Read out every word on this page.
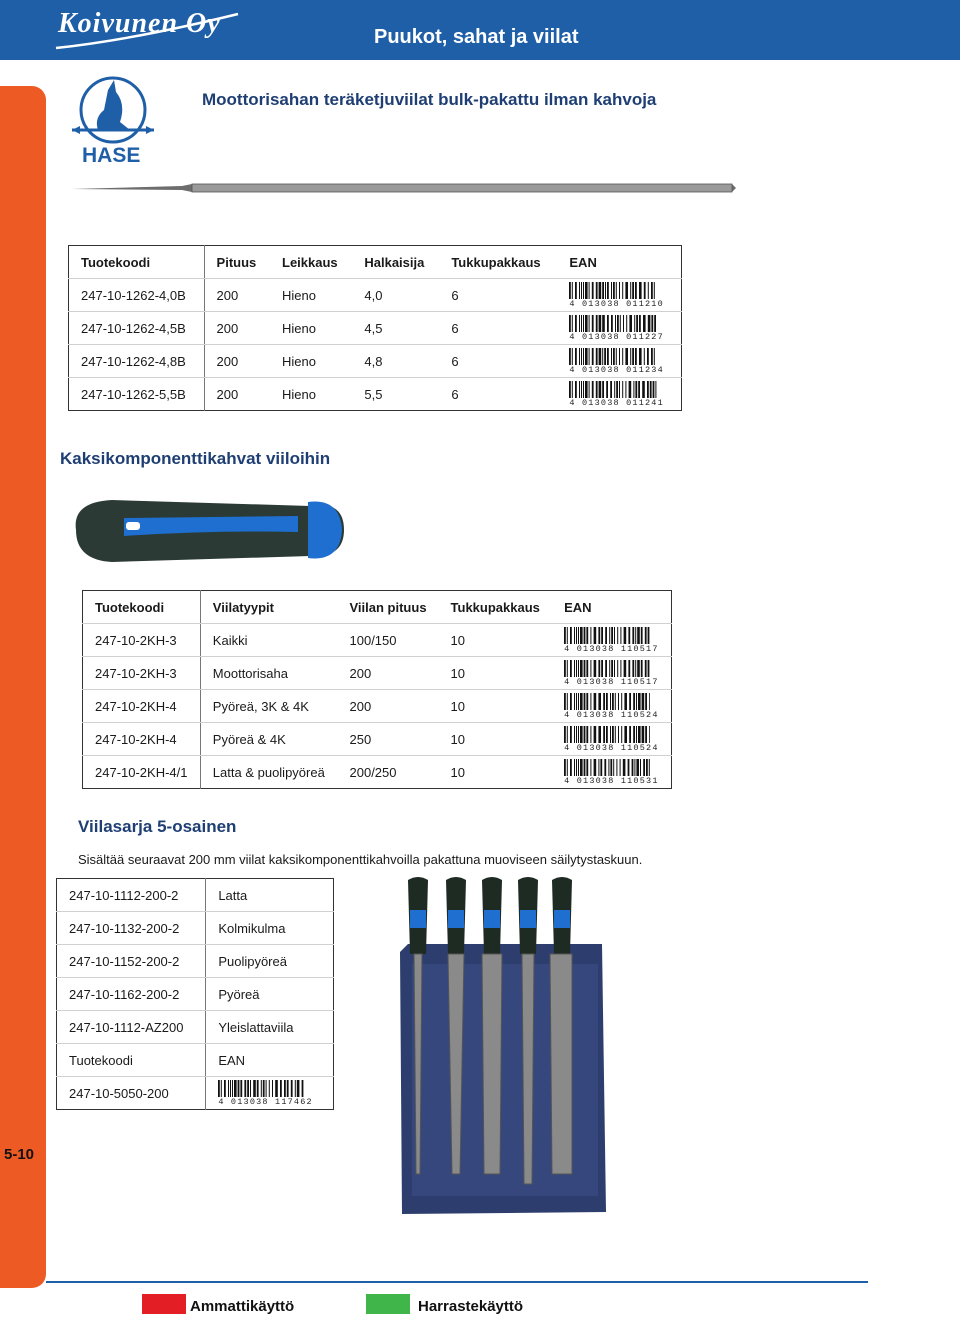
Koivunen Oy	Puukot, sahat ja viilat
5-10
HASE
Moottorisahan teräketjuviilat bulk-pakattu ilman kahvoja
Tuotekoodi	Pituus	Leikkaus	Halkaisija	Tukkupakkaus	EAN
247-10-1262-4,0B	200	Hieno	4,0	6	4 013038 011210

247-10-1262-4,5B	200	Hieno	4,5	6	4 013038 011227

247-10-1262-4,8B	200	Hieno	4,8	6	4 013038 011234

247-10-1262-5,5B	200	Hieno	5,5	6	4 013038 011241
Kaksikomponenttikahvat viiloihin
Tuotekoodi	Viilatyypit	Viilan pituus	Tukkupakkaus	EAN
247-10-2KH-3	Kaikki	100/150	10	4 013038 110517

247-10-2KH-3	Moottorisaha	200	10	4 013038 110517

247-10-2KH-4	Pyöreä, 3K & 4K	200	10	4 013038 110524

247-10-2KH-4	Pyöreä & 4K	250	10	4 013038 110524

247-10-2KH-4/1	Latta & puolipyöreä	200/250	10	4 013038 110531
Viilasarja 5-osainen
Sisältää seuraavat 200 mm viilat kaksikomponenttikahvoilla pakattuna muoviseen säilytystaskuun.
247-10-1112-200-2	Latta
247-10-1132-200-2	Kolmikulma
247-10-1152-200-2	Puolipyöreä
247-10-1162-200-2	Pyöreä
247-10-1112-AZ200	Yleislattaviila
Tuotekoodi	EAN
247-10-5050-200	4 013038 117462
Ammattikäyttö	Harrastekäyttö
